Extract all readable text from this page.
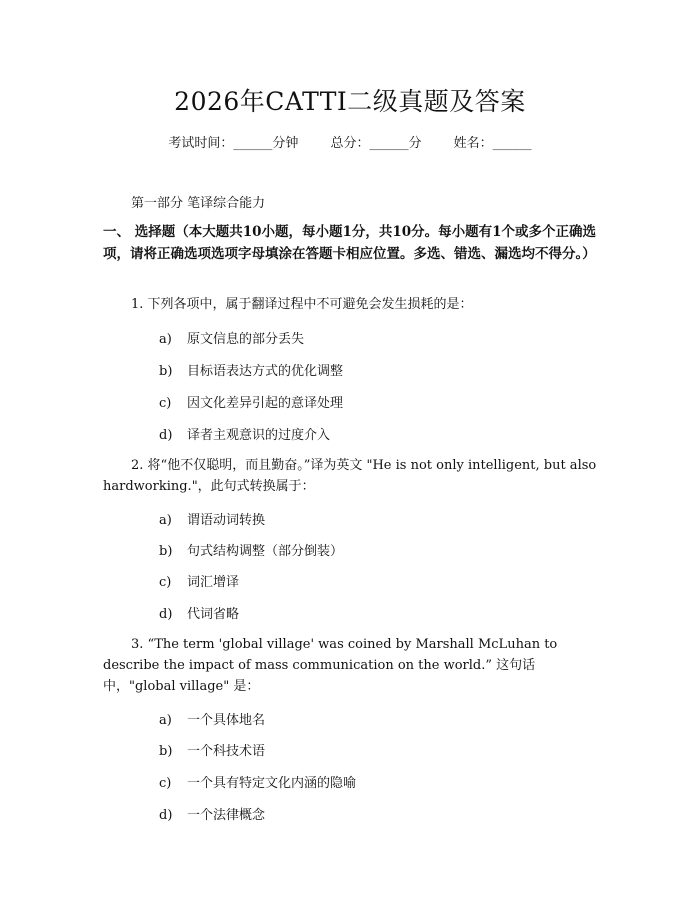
2026年CATTI二级真题及答案
考试时间：______分钟 总分：______分 姓名：______
第一部分 笔译综合能力
一、 选择题（本大题共10小题，每小题1分，共10分。每小题有1个或多个正确选项，请将正确选项选项字母填涂在答题卡相应位置。多选、错选、漏选均不得分。）
1. 下列各项中，属于翻译过程中不可避免会发生损耗的是：
a) 原文信息的部分丢失
b) 目标语表达方式的优化调整
c) 因文化差异引起的意译处理
d) 译者主观意识的过度介入
2. 将“他不仅聪明，而且勤奋。”译为英文 "He is not only intelligent, but also hardworking."，此句式转换属于：
a) 谓语动词转换
b) 句式结构调整（部分倒装）
c) 词汇增译
d) 代词省略
3. “The term 'global village' was coined by Marshall McLuhan to describe the impact of mass communication on the world.” 这句话中，"global village" 是：
a) 一个具体地名
b) 一个科技术语
c) 一个具有特定文化内涵的隐喻
d) 一个法律概念
